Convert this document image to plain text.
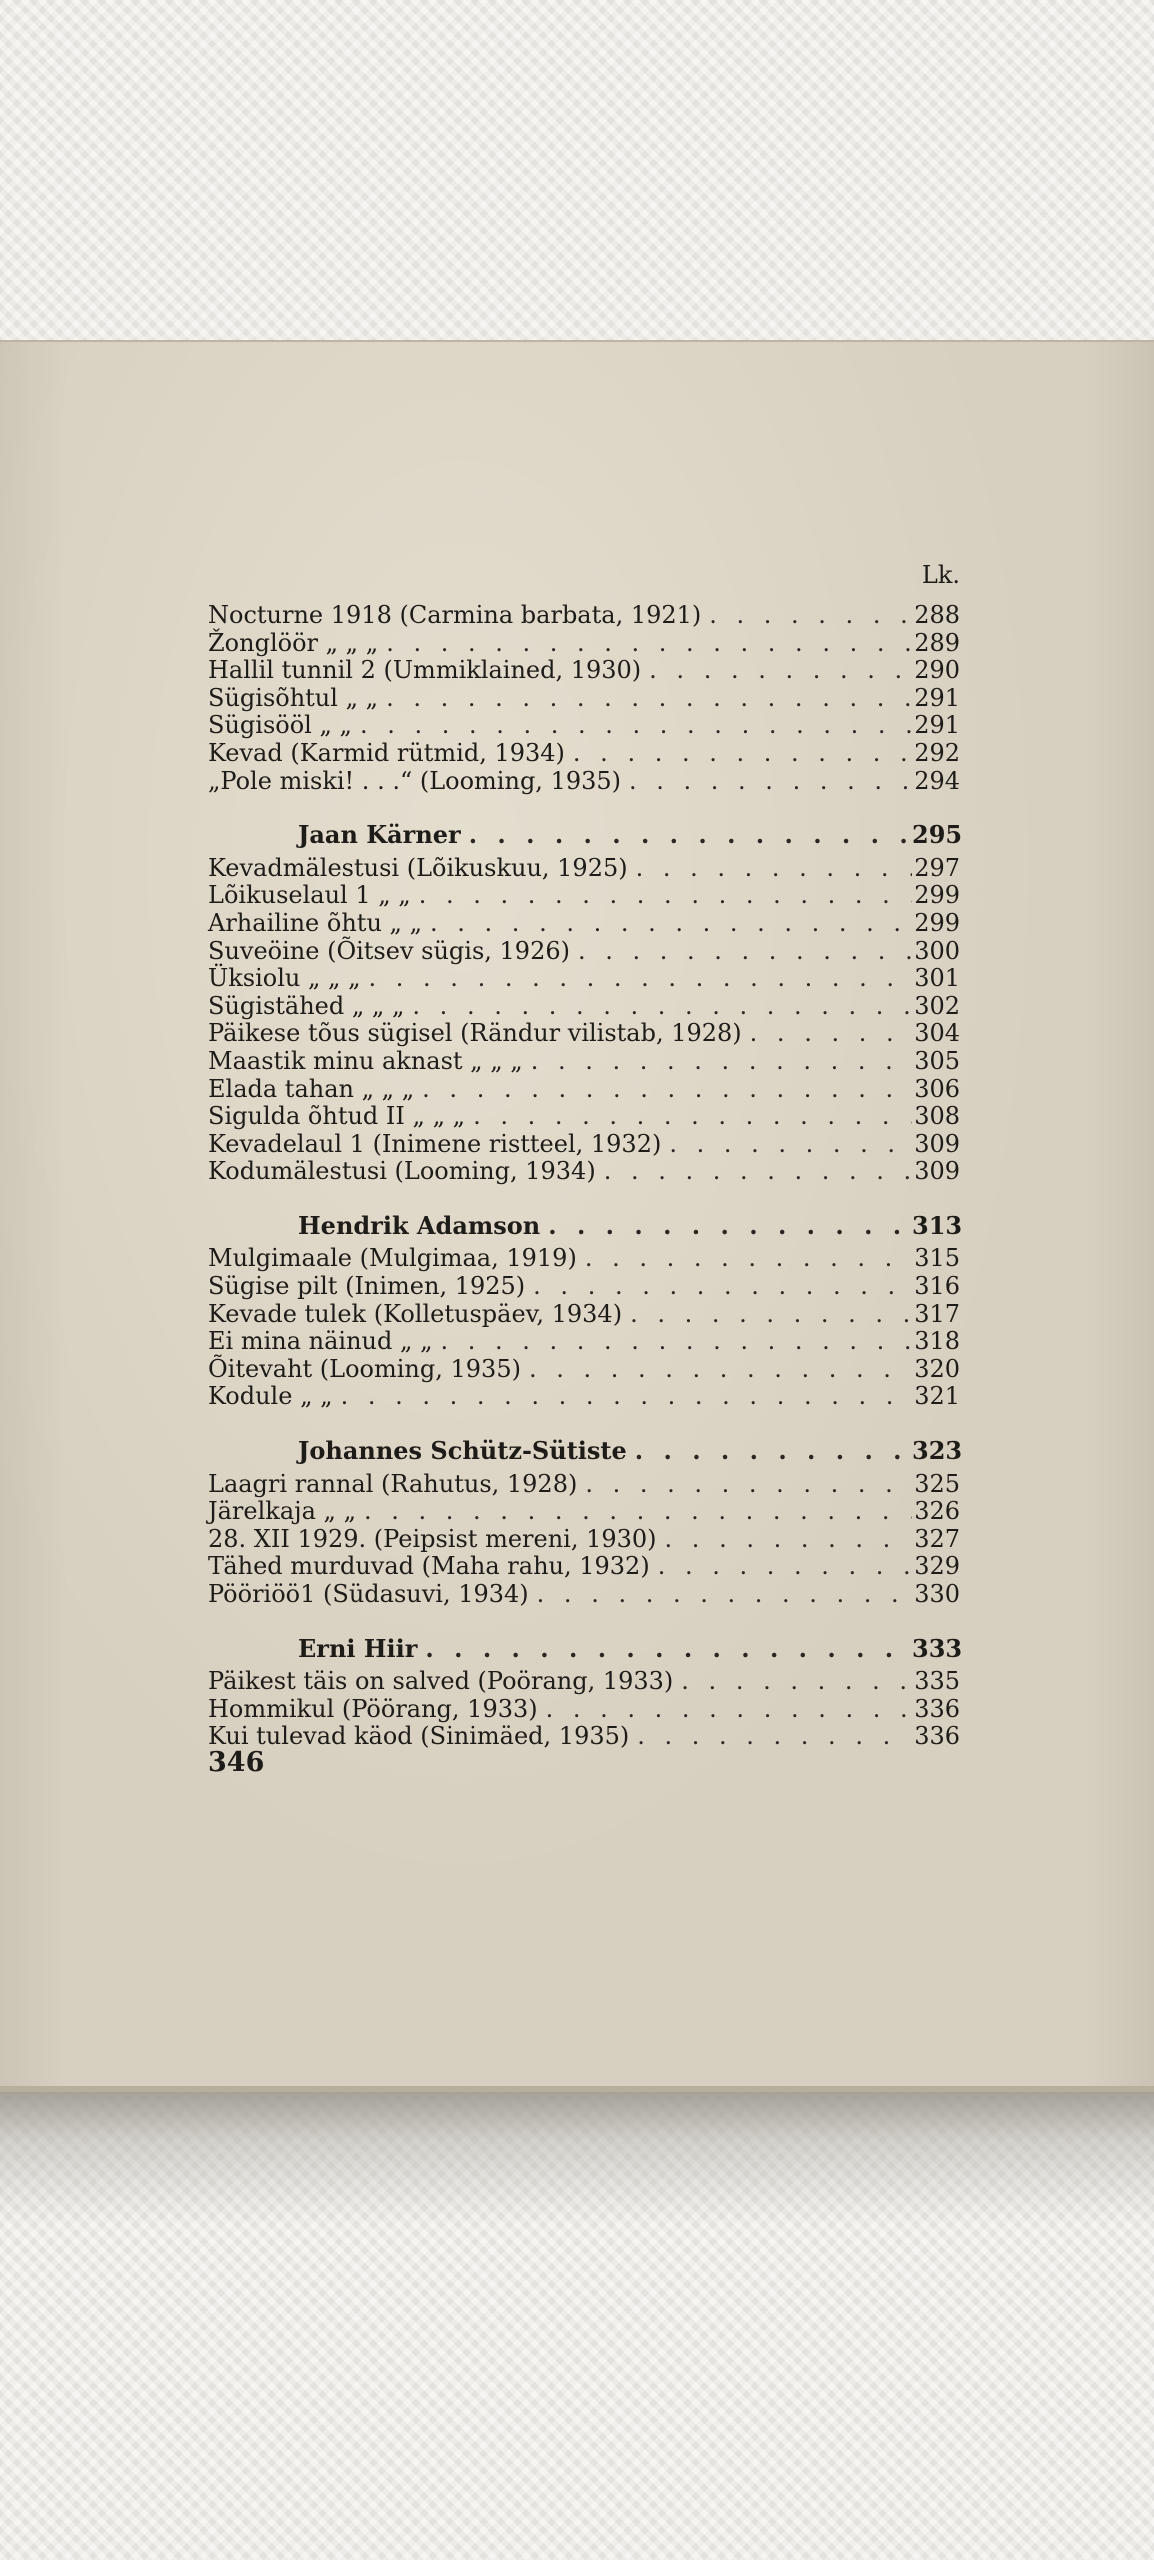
Lk.
Nocturne 1918 (Carmina barbata, 1921) . . .	288
Žonglöör „ „ „ . . .	289
Hallil tunnil 2 (Ummiklained, 1930) . . .	290
Sügisõhtul „ „ . . .	291
Sügisööl „ „ . . .	291
Kevad (Karmid rütmid, 1934) . . .	292
„Pole miski! . . .“ (Looming, 1935) . . .	294
Jaan Kärner . . .	295
Kevadmälestusi (Lõikuskuu, 1925) . . .	297
Lõikuselaul 1 „ „ . . .	299
Arhailine õhtu „ „ . . .	299
Suveöine (Õitsev sügis, 1926) . . .	300
Üksiolu „ „ „ . . .	301
Sügistähed „ „ „ . . .	302
Päikese tõus sügisel (Rändur vilistab, 1928) . . .	304
Maastik minu aknast „ „ „ . . .	305
Elada tahan „ „ „ . . .	306
Sigulda õhtud II „ „ „ . . .	308
Kevadelaul 1 (Inimene ristteel, 1932) . . .	309
Kodumälestusi (Looming, 1934) . . .	309
Hendrik Adamson . . .	313
Mulgimaale (Mulgimaa, 1919) . . .	315
Sügise pilt (Inimen, 1925) . . .	316
Kevade tulek (Kolletuspäev, 1934) . . .	317
Ei mina näinud „ „ . . .	318
Õitevaht (Looming, 1935) . . .	320
Kodule „ „ . . .	321
Johannes Schütz-Sütiste . . .	323
Laagri rannal (Rahutus, 1928) . . .	325
Järelkaja „ „ . . .	326
28. XII 1929. (Peipsist mereni, 1930) . . .	327
Tähed murduvad (Maha rahu, 1932) . . .	329
Pööriöö1 (Südasuvi, 1934) . . .	330
Erni Hiir . . .	333
Päikest täis on salved (Poörang, 1933) . . .	335
Hommikul (Pöörang, 1933) . . .	336
Kui tulevad käod (Sinimäed, 1935) . . .	336
346
